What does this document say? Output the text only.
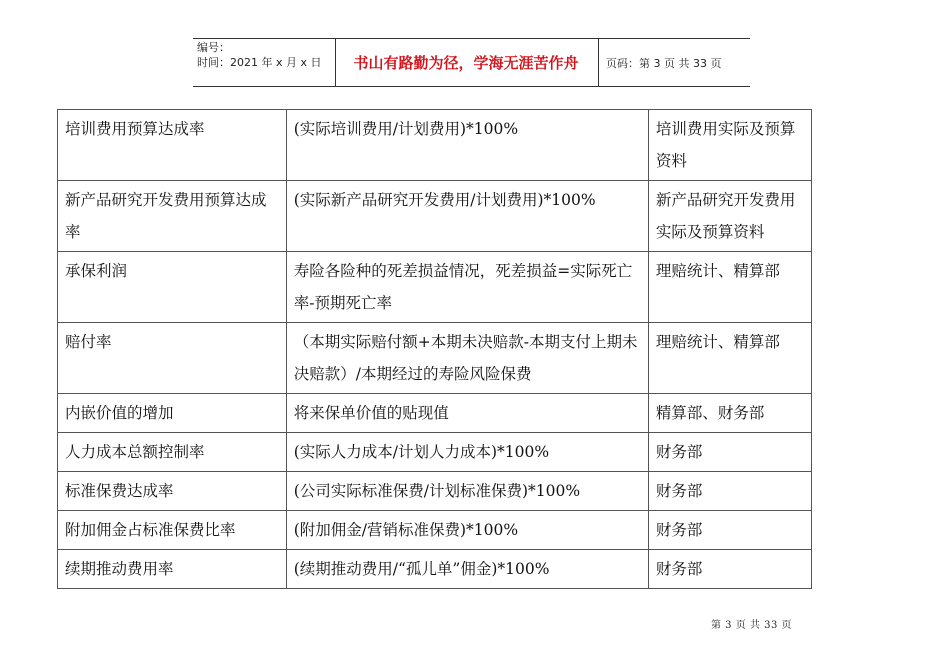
编号：
时间：2021 年 x 月 x 日	书山有路勤为径，学海无涯苦作舟	页码：第 3 页 共 33 页
培训费用预算达成率	(实际培训费用/计划费用)*100%	培训费用实际及预算资料
新产品研究开发费用预算达成率	(实际新产品研究开发费用/计划费用)*100%	新产品研究开发费用实际及预算资料
承保利润	寿险各险种的死差损益情况，死差损益=实际死亡率-预期死亡率	理赔统计、精算部
赔付率	（本期实际赔付额+本期未决赔款-本期支付上期未决赔款）/本期经过的寿险风险保费	理赔统计、精算部
内嵌价值的增加	将来保单价值的贴现值	精算部、财务部
人力成本总额控制率	(实际人力成本/计划人力成本)*100%	财务部
标准保费达成率	(公司实际标准保费/计划标准保费)*100%	财务部
附加佣金占标准保费比率	(附加佣金/营销标准保费)*100%	财务部
续期推动费用率	(续期推动费用/“孤儿单”佣金)*100%	财务部
第 3 页 共 33 页
